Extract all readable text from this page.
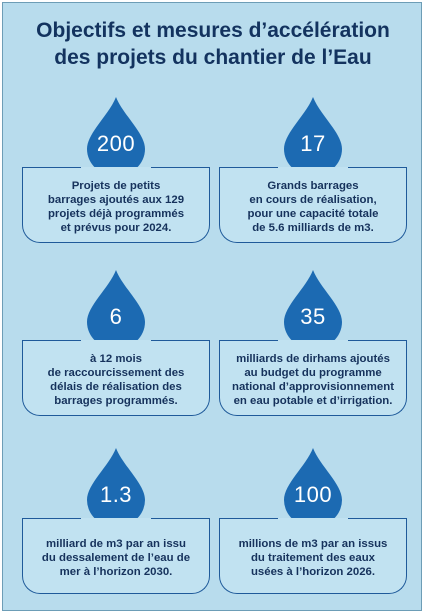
Objectifs et mesures d’accélération
des projets du chantier de l’Eau
200
Projets de petits
barrages ajoutés aux 129
projets déjà programmés
et prévus pour 2024.
17
Grands barrages
en cours de réalisation,
pour une capacité totale
de 5.6 milliards de m3.
6
à 12 mois
de raccourcissement des
délais de réalisation des
barrages programmés.
35
milliards de dirhams ajoutés
au budget du programme
national d’approvisionnement
en eau potable et d’irrigation.
1.3
milliard de m3 par an issu
du dessalement de l’eau de
mer à l’horizon 2030.
100
millions de m3 par an issus
du traitement des eaux
usées à l’horizon 2026.
